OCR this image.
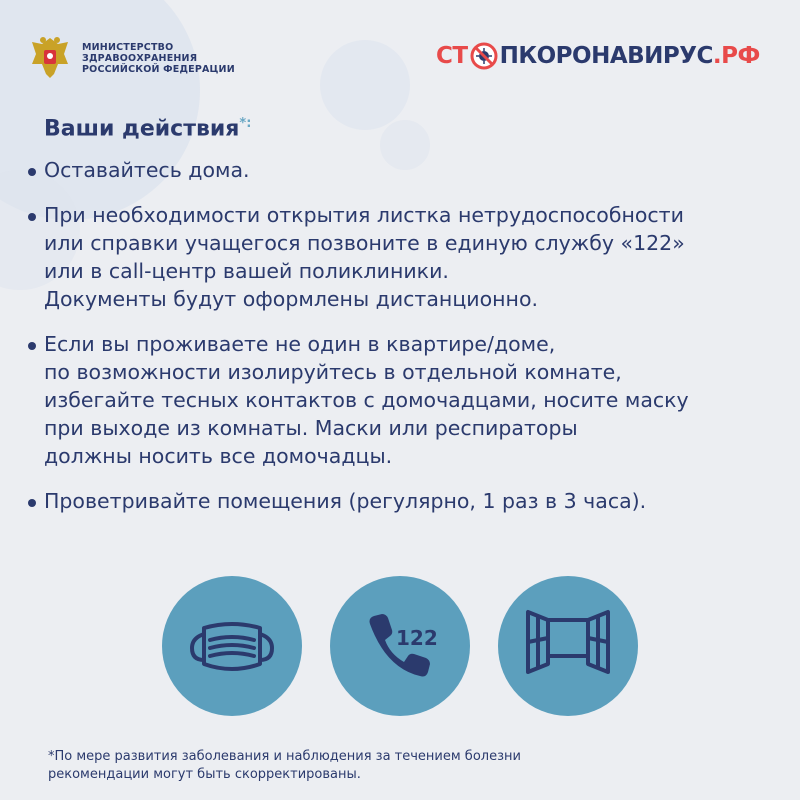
МИНИСТЕРСТВО
ЗДРАВООХРАНЕНИЯ
РОССИЙСКОЙ ФЕДЕРАЦИИ	СТ ПКОРОНАВИРУС .РФ
Ваши действия*:
Оставайтесь дома.
При необходимости открытия листка нетрудоспособности
или справки учащегося позвоните в единую службу «122»
или в call-центр вашей поликлиники.
Документы будут оформлены дистанционно.
Если вы проживаете не один в квартире/доме,
по возможности изолируйтесь в отдельной комнате,
избегайте тесных контактов с домочадцами, носите маску
при выходе из комнаты. Маски или респираторы
должны носить все домочадцы.
Проветривайте помещения (регулярно, 1 раз в 3 часа).
122
*По мере развития заболевания и наблюдения за течением болезни
рекомендации могут быть скорректированы.
